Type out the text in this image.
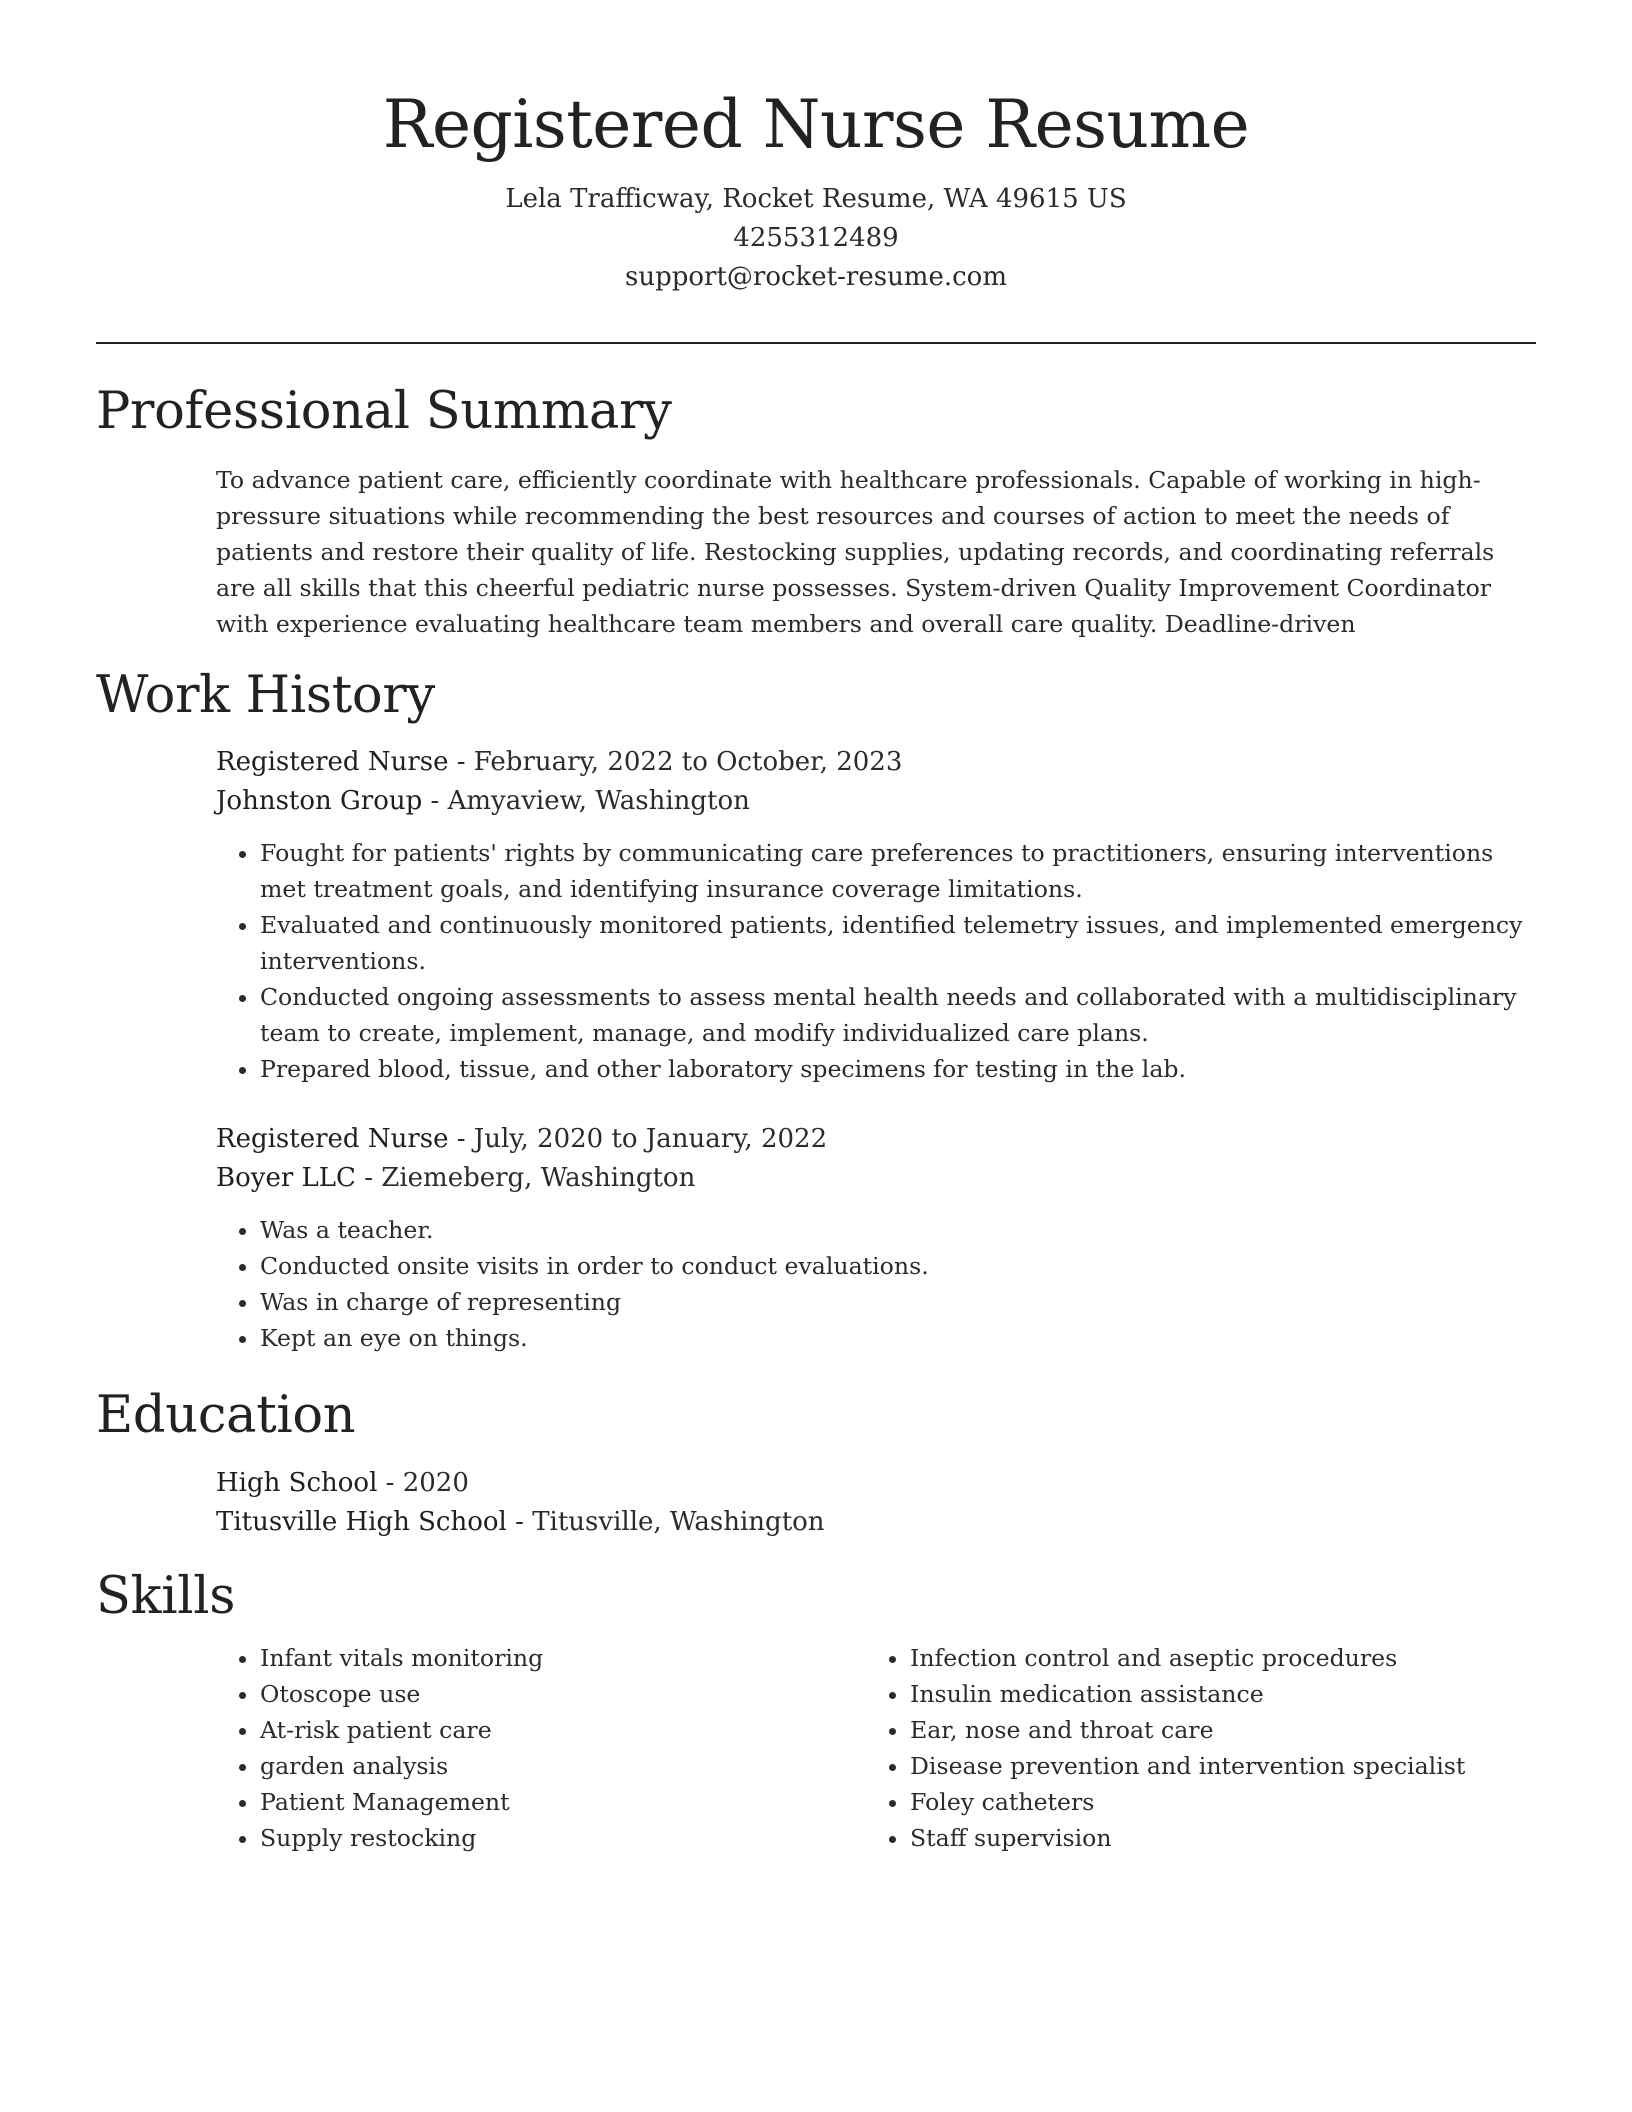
Registered Nurse Resume
Lela Trafficway, Rocket Resume, WA 49615 US
4255312489
support@rocket-resume.com
Professional Summary
To advance patient care, efficiently coordinate with healthcare professionals. Capable of working in high-pressure situations while recommending the best resources and courses of action to meet the needs of patients and restore their quality of life. Restocking supplies, updating records, and coordinating referrals are all skills that this cheerful pediatric nurse possesses. System-driven Quality Improvement Coordinator with experience evaluating healthcare team members and overall care quality. Deadline-driven
Work History
Registered Nurse - February, 2022 to October, 2023
Johnston Group - Amyaview, Washington
• Fought for patients' rights by communicating care preferences to practitioners, ensuring interventions met treatment goals, and identifying insurance coverage limitations.
• Evaluated and continuously monitored patients, identified telemetry issues, and implemented emergency interventions.
• Conducted ongoing assessments to assess mental health needs and collaborated with a multidisciplinary team to create, implement, manage, and modify individualized care plans.
• Prepared blood, tissue, and other laboratory specimens for testing in the lab.
Registered Nurse - July, 2020 to January, 2022
Boyer LLC - Ziemeberg, Washington
• Was a teacher.
• Conducted onsite visits in order to conduct evaluations.
• Was in charge of representing
• Kept an eye on things.
Education
High School - 2020
Titusville High School - Titusville, Washington
Skills
• Infant vitals monitoring
• Otoscope use
• At-risk patient care
• garden analysis
• Patient Management
• Supply restocking
• Infection control and aseptic procedures
• Insulin medication assistance
• Ear, nose and throat care
• Disease prevention and intervention specialist
• Foley catheters
• Staff supervision
